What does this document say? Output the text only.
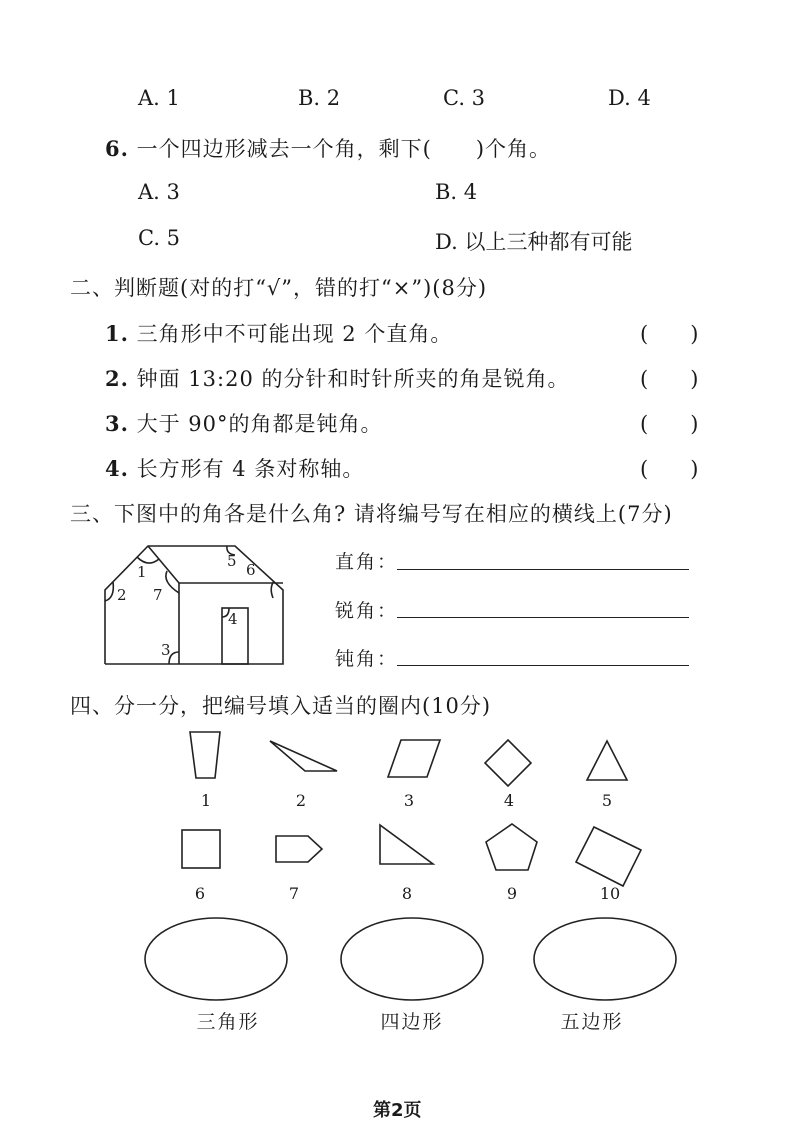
A. 1	B. 2	C. 3	D. 4
6. 一个四边形减去一个角，剩下(　　)个角。
A. 3	B. 4
C. 5	D. 以上三种都有可能
二、判断题(对的打“√”，错的打“×”)(8分)
1. 三角形中不可能出现 2 个直角。	(　　)
2. 钟面 13:20 的分针和时针所夹的角是锐角。	(　　)
3. 大于 90°的角都是钝角。	(　　)
4. 长方形有 4 条对称轴。	(　　)
三、下图中的角各是什么角? 请将编号写在相应的横线上(7分)
1
2
3
4
5 6
7
直角：
锐角：
钝角：
四、分一分，把编号填入适当的圈内(10分)
1	2	3	4	5
6	7	8	9	10
三角形	四边形	五边形
第2页
